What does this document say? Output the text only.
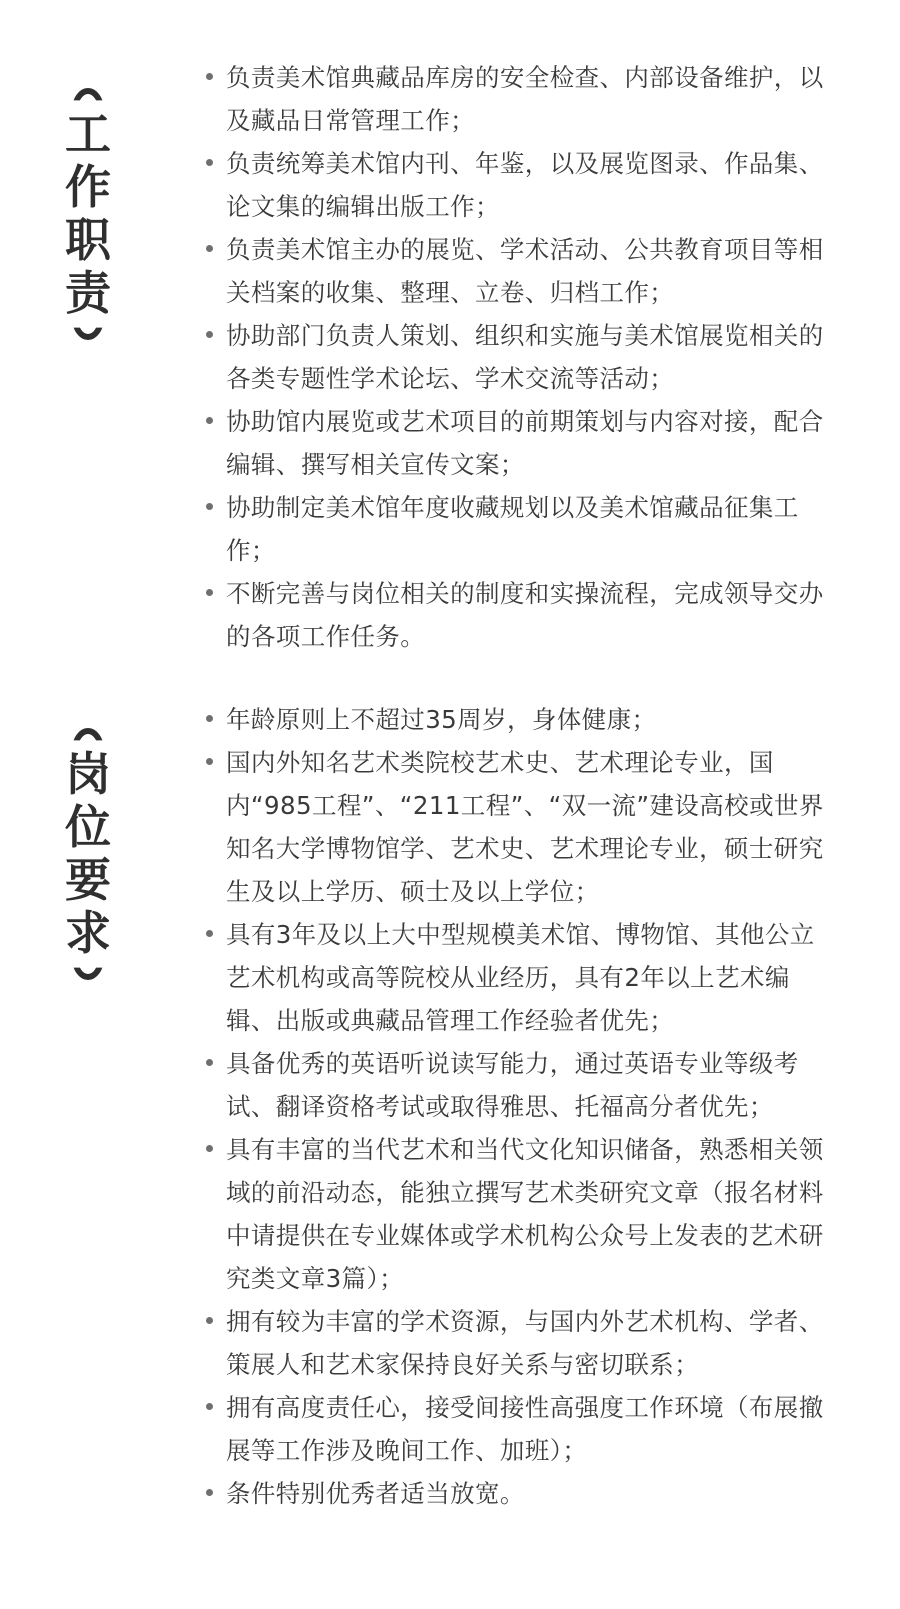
工
作
职
责
负责美术馆典藏品库房的安全检查、内部设备维护，以及藏品日常管理工作；
负责统筹美术馆内刊、年鉴，以及展览图录、作品集、论文集的编辑出版工作；
负责美术馆主办的展览、学术活动、公共教育项目等相关档案的收集、整理、立卷、归档工作；
协助部门负责人策划、组织和实施与美术馆展览相关的各类专题性学术论坛、学术交流等活动；
协助馆内展览或艺术项目的前期策划与内容对接，配合编辑、撰写相关宣传文案；
协助制定美术馆年度收藏规划以及美术馆藏品征集工作；
不断完善与岗位相关的制度和实操流程，完成领导交办的各项工作任务。
岗
位
要
求
年龄原则上不超过35周岁，身体健康；
国内外知名艺术类院校艺术史、艺术理论专业，国内“985工程”、“211工程”、“双一流”建设高校或世界知名大学博物馆学、艺术史、艺术理论专业，硕士研究生及以上学历、硕士及以上学位；
具有3年及以上大中型规模美术馆、博物馆、其他公立艺术机构或高等院校从业经历，具有2年以上艺术编辑、出版或典藏品管理工作经验者优先；
具备优秀的英语听说读写能力，通过英语专业等级考试、翻译资格考试或取得雅思、托福高分者优先；
具有丰富的当代艺术和当代文化知识储备，熟悉相关领域的前沿动态，能独立撰写艺术类研究文章（报名材料中请提供在专业媒体或学术机构公众号上发表的艺术研究类文章3篇）；
拥有较为丰富的学术资源，与国内外艺术机构、学者、策展人和艺术家保持良好关系与密切联系；
拥有高度责任心，接受间接性高强度工作环境（布展撤展等工作涉及晚间工作、加班）；
条件特别优秀者适当放宽。
